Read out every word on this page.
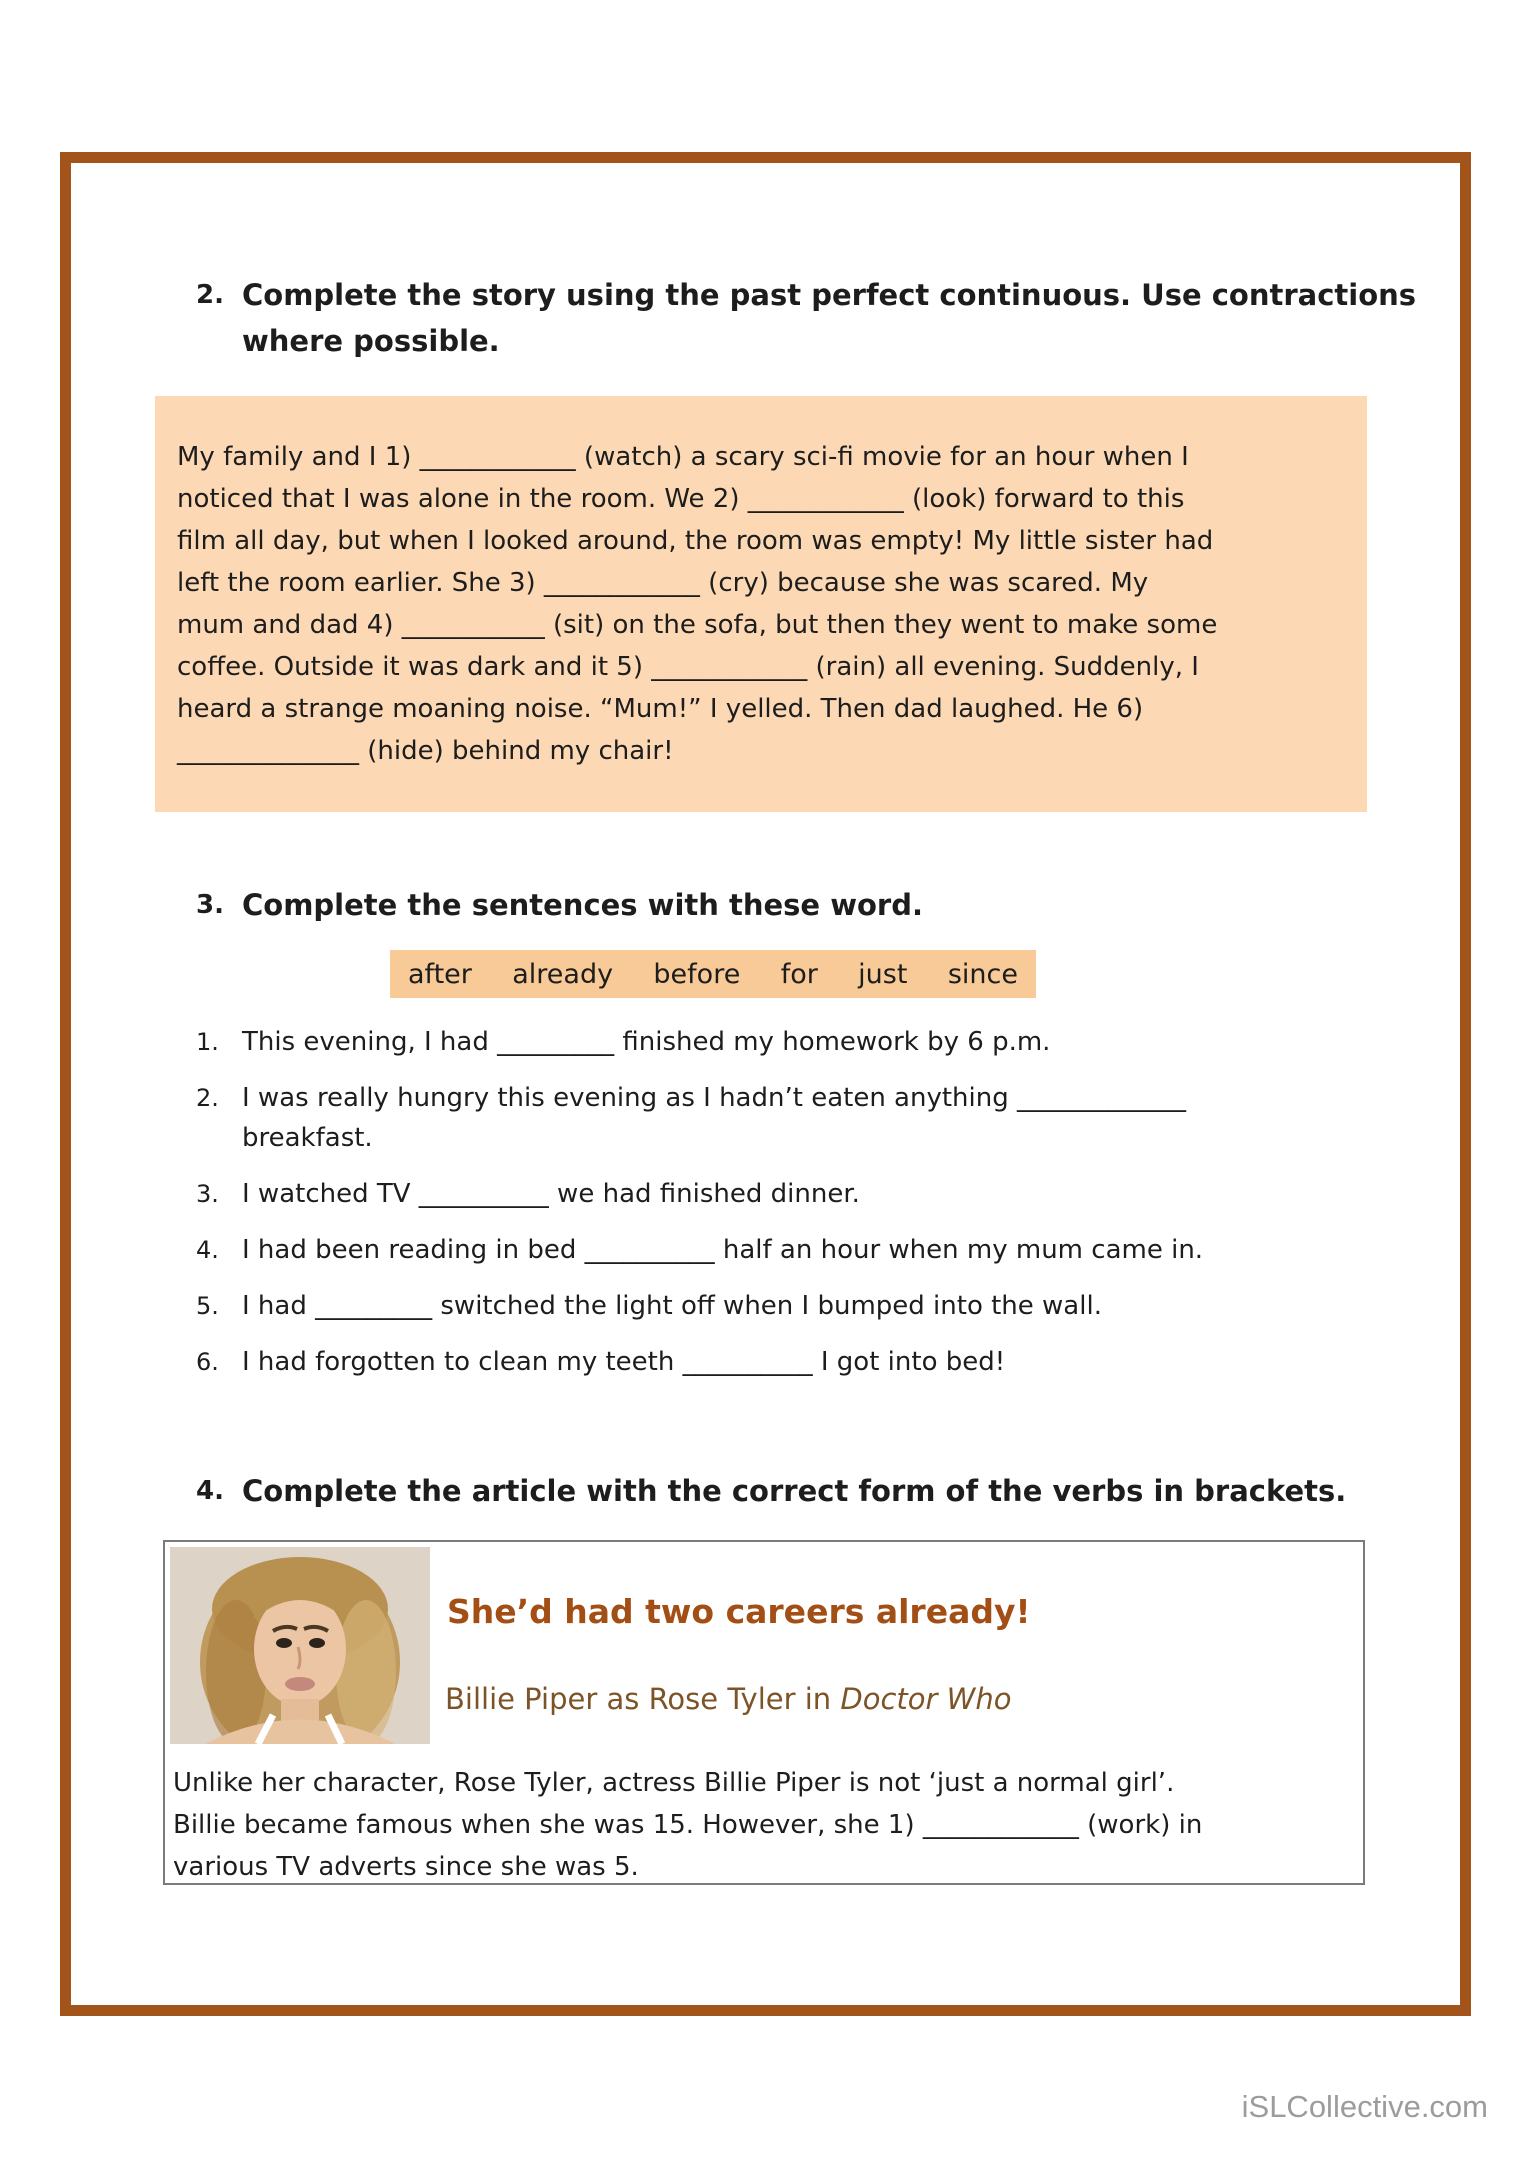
2. Complete the story using the past perfect continuous. Use contractions
where possible.
My family and I 1) ____________ (watch) a scary sci-fi movie for an hour when I
noticed that I was alone in the room. We 2) ____________ (look) forward to this
film all day, but when I looked around, the room was empty! My little sister had
left the room earlier. She 3) ____________ (cry) because she was scared. My
mum and dad 4) ___________ (sit) on the sofa, but then they went to make some
coffee. Outside it was dark and it 5) ____________ (rain) all evening. Suddenly, I
heard a strange moaning noise. “Mum!” I yelled. Then dad laughed. He 6)
______________ (hide) behind my chair!
3. Complete the sentences with these word.
after already before for just since
1. This evening, I had _________ finished my homework by 6 p.m.
2. I was really hungry this evening as I hadn’t eaten anything _____________
breakfast.
3. I watched TV __________ we had finished dinner.
4. I had been reading in bed __________ half an hour when my mum came in.
5. I had _________ switched the light off when I bumped into the wall.
6. I had forgotten to clean my teeth __________ I got into bed!
4. Complete the article with the correct form of the verbs in brackets.
She’d had two careers already!
Billie Piper as Rose Tyler in Doctor Who
Unlike her character, Rose Tyler, actress Billie Piper is not ‘just a normal girl’.
Billie became famous when she was 15. However, she 1) ____________ (work) in
various TV adverts since she was 5.
iSLCollective.com
